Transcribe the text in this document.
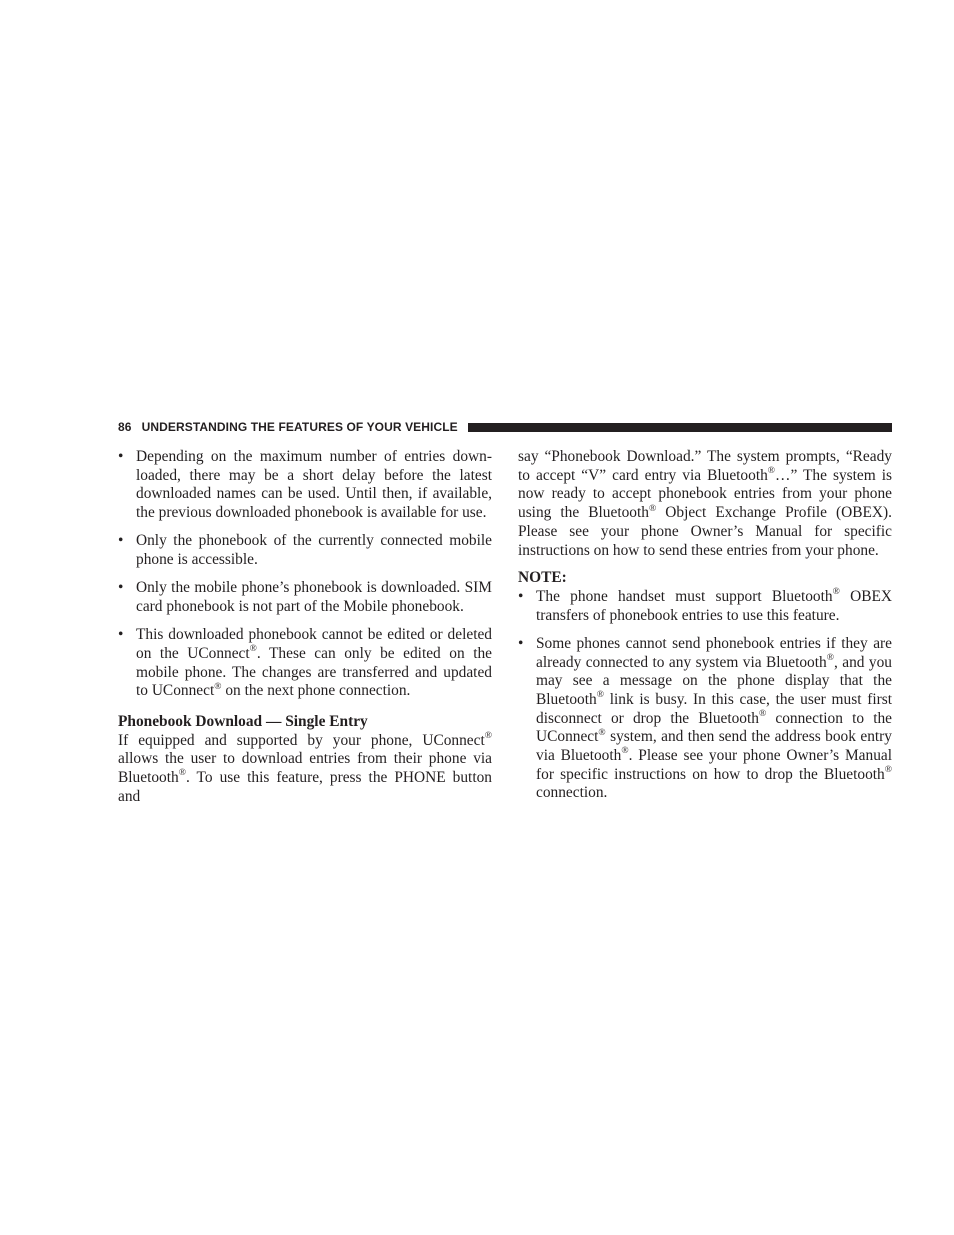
86 UNDERSTANDING THE FEATURES OF YOUR VEHICLE
• Depending on the maximum number of entries downloaded, there may be a short delay before the latest downloaded names can be used. Until then, if available, the previous downloaded phonebook is available for use.
• Only the phonebook of the currently connected mobile phone is accessible.
• Only the mobile phone’s phonebook is downloaded. SIM card phonebook is not part of the Mobile phonebook.
• This downloaded phonebook cannot be edited or deleted on the UConnect®. These can only be edited on the mobile phone. The changes are transferred and updated to UConnect® on the next phone connection.
Phonebook Download — Single Entry

If equipped and supported by your phone, UConnect® allows the user to download entries from their phone via Bluetooth®. To use this feature, press the PHONE button and

say “Phonebook Download.” The system prompts, “Ready to accept “V” card entry via Bluetooth®…” The system is now ready to accept phonebook entries from your phone using the Bluetooth® Object Exchange Profile (OBEX). Please see your phone Owner’s Manual for specific instructions on how to send these entries from your phone.

NOTE:
• The phone handset must support Bluetooth® OBEX transfers of phonebook entries to use this feature.
• Some phones cannot send phonebook entries if they are already connected to any system via Bluetooth®, and you may see a message on the phone display that the Bluetooth® link is busy. In this case, the user must first disconnect or drop the Bluetooth® connection to the UConnect® system, and then send the address book entry via Bluetooth®. Please see your phone Owner’s Manual for specific instructions on how to drop the Bluetooth® connection.
